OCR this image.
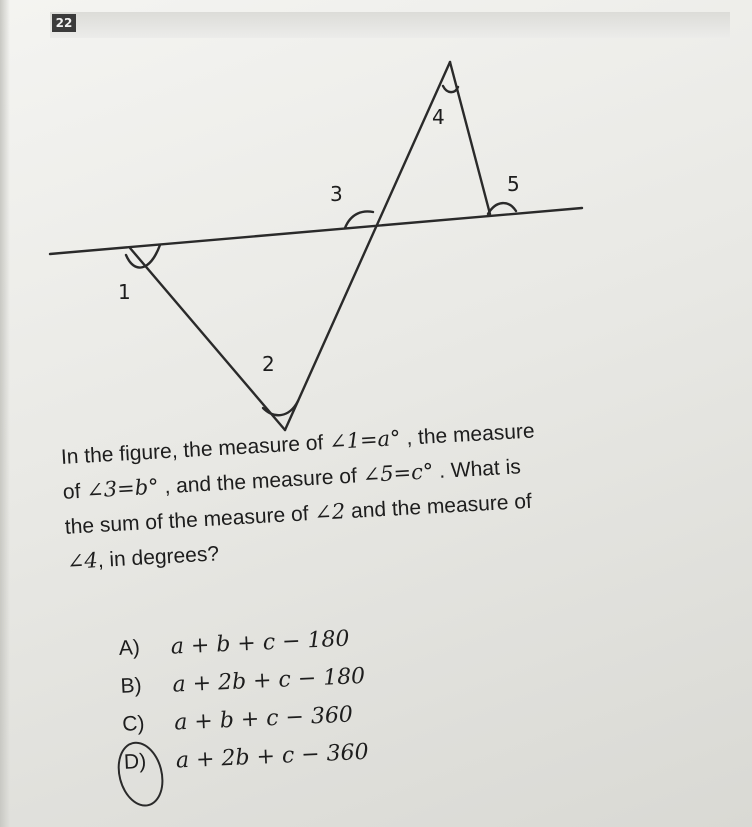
22
1
2
3
4
5

In the figure, the measure of ∠1=a° , the measure

of ∠3=b° , and the measure of ∠5=c° . What is

the sum of the measure of ∠2 and the measure of

∠4, in degrees?

A)	a + b + c − 180
B)	a + 2b + c − 180
C)	a + b + c − 360
D)	a + 2b + c − 360
